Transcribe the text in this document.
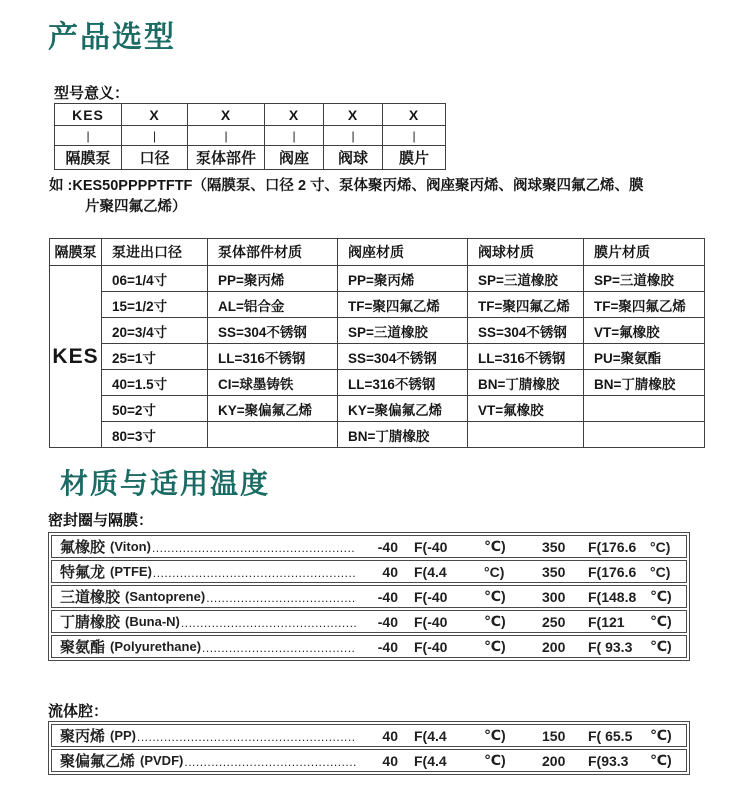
产品选型
型号意义：
KES	X	X	X	X	X
|	|	|	|	|	|
隔膜泵	口径	泵体部件	阀座	阀球	膜片
如 :KES50PPPPTFTF（隔膜泵、口径 2 寸、泵体聚丙烯、阀座聚丙烯、阀球聚四氟乙烯、膜
片聚四氟乙烯）
隔膜泵	泵进出口径	泵体部件材质	阀座材质	阀球材质	膜片材质
KES	06=1/4寸	PP=聚丙烯	PP=聚丙烯	SP=三道橡胶	SP=三道橡胶
	15=1/2寸	AL=铝合金	TF=聚四氟乙烯	TF=聚四氟乙烯	TF=聚四氟乙烯
	20=3/4寸	SS=304不锈钢	SP=三道橡胶	SS=304不锈钢	VT=氟橡胶
	25=1寸	LL=316不锈钢	SS=304不锈钢	LL=316不锈钢	PU=聚氨酯
	40=1.5寸	CI=球墨铸铁	LL=316不锈钢	BN=丁腈橡胶	BN=丁腈橡胶
	50=2寸	KY=聚偏氟乙烯	KY=聚偏氟乙烯	VT=氟橡胶	
	80=3寸		BN=丁腈橡胶		
材质与适用温度
密封圈与隔膜：
氟橡胶 (Viton) .....	-40 F(-40	℃)	350	F(176.6 °C)
特氟龙 (PTFE) .....	40 F(4.4	°C)	350	F(176.6 °C)
三道橡胶 (Santoprene) .....	-40 F(-40	℃)	300	F(148.8 ℃)
丁腈橡胶 (Buna-N) .....	-40 F(-40	℃)	250	F(121	℃)
聚氨酯 (Polyurethane) .....	-40 F(-40	℃)	200	F( 93.3	℃)
流体腔：
聚丙烯 (PP) .....	40 F(4.4	℃)	150	F( 65.5	℃)
聚偏氟乙烯 (PVDF) .....	40 F(4.4	℃)	200	F(93.3	℃)
